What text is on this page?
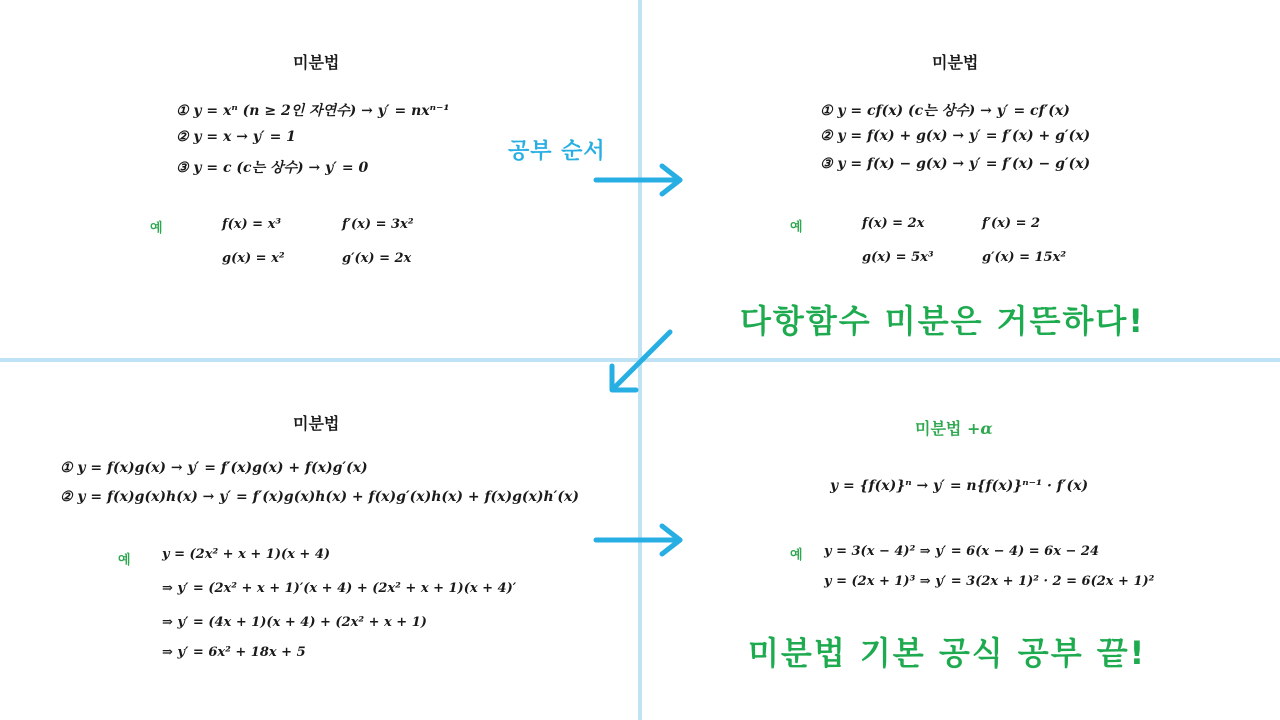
미분법
① y = xⁿ (n ≥ 2인 자연수) → y′ = nxⁿ⁻¹
② y = x → y′ = 1
③ y = c (c는 상수) → y′ = 0
예	f(x) = x³	f′(x) = 3x²
g(x) = x²	g′(x) = 2x
공부 순서
미분법
① y = cf(x) (c는 상수) → y′ = cf′(x)
② y = f(x) + g(x) → y′ = f′(x) + g′(x)
③ y = f(x) − g(x) → y′ = f′(x) − g′(x)
예	f(x) = 2x	f′(x) = 2
g(x) = 5x³	g′(x) = 15x²
다항함수 미분은 거뜬하다!
미분법
① y = f(x)g(x) → y′ = f′(x)g(x) + f(x)g′(x)
② y = f(x)g(x)h(x) → y′ = f′(x)g(x)h(x) + f(x)g′(x)h(x) + f(x)g(x)h′(x)
예 y = (2x² + x + 1)(x + 4)
⇒ y′ = (2x² + x + 1)′(x + 4) + (2x² + x + 1)(x + 4)′
⇒ y′ = (4x + 1)(x + 4) + (2x² + x + 1)
⇒ y′ = 6x² + 18x + 5
미분법 +α
y = {f(x)}ⁿ → y′ = n{f(x)}ⁿ⁻¹ · f′(x)
예 y = 3(x − 4)² ⇒ y′ = 6(x − 4) = 6x − 24
y = (2x + 1)³ ⇒ y′ = 3(2x + 1)² · 2 = 6(2x + 1)²
미분법 기본 공식 공부 끝!
